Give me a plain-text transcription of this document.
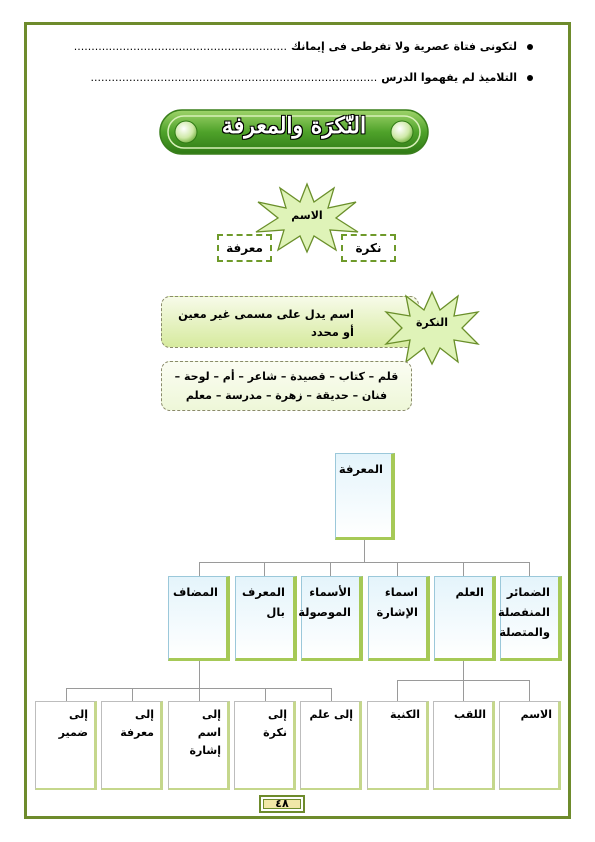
لتكونى فتاة عصرية ولا تفرطى فى إيمانك.............................................................
التلاميذ لم يفهموا الدرس..................................................................................
النّكرَة والمعرفة
الاسم
نكرة
معرفة
اسم يدل على مسمى غير معين أو محدد
النكرة
قلم – كتاب – قصيدة – شاعر – أم – لوحة –
فنان – حديقة – زهرة – مدرسة – معلم
المعرفة
الضمائر المنفصلة والمتصلة
العلم
اسماء الإشارة
الأسماء الموصولة
المعرف بال
المضاف
الاسم
اللقب
الكنية
إلى علم
إلى نكرة
إلى اسم إشارة
إلى معرفة
إلى ضمير
٤٨
